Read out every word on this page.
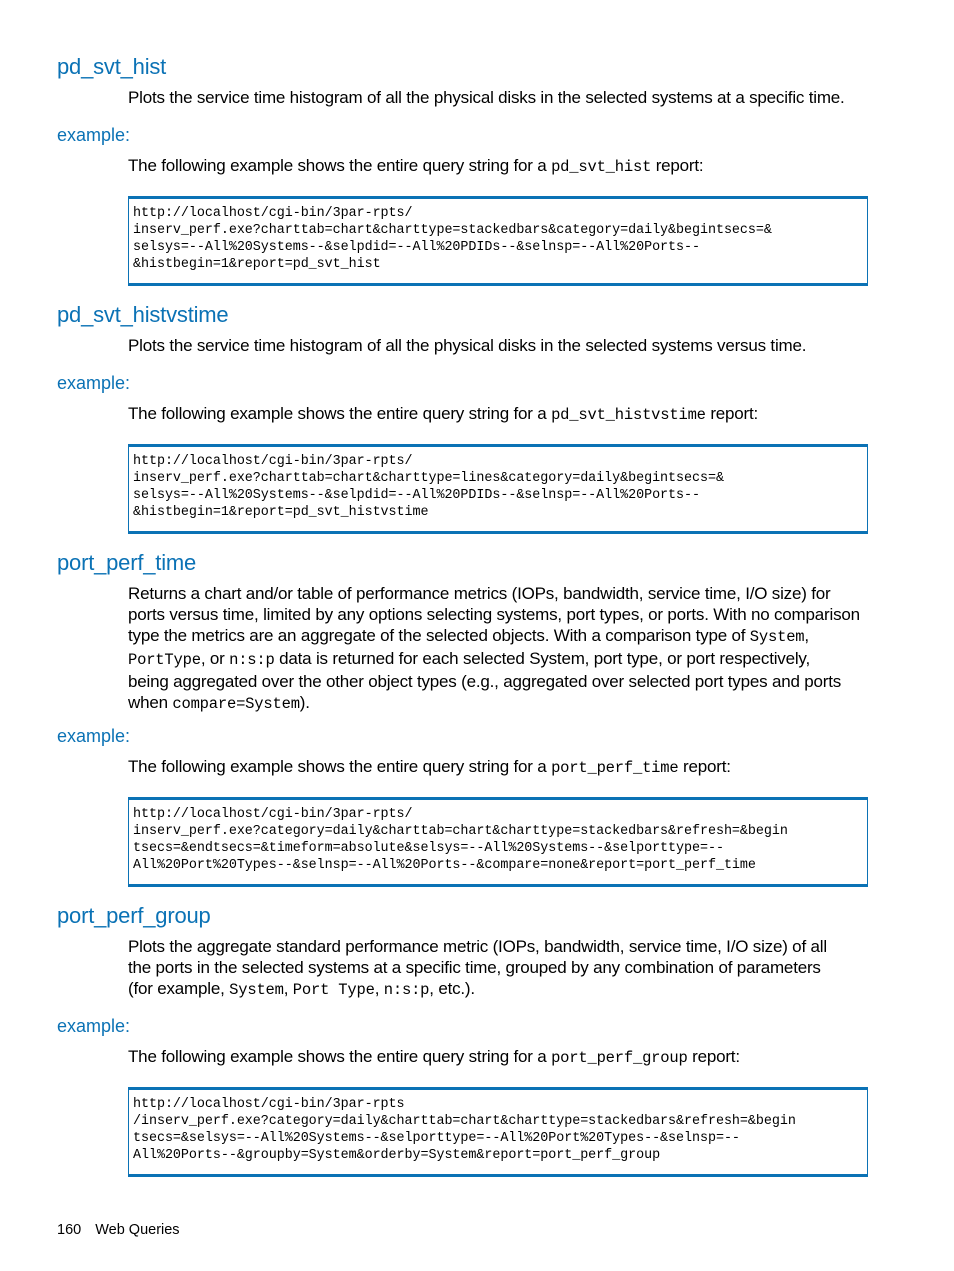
pd_svt_hist

Plots the service time histogram of all the physical disks in the selected systems at a specific time.

example:

The following example shows the entire query string for a pd_svt_hist report:

http://localhost/cgi-bin/3par-rpts/
inserv_perf.exe?charttab=chart&charttype=stackedbars&category=daily&begintsecs=&
selsys=--All%20Systems--&selpdid=--All%20PDIDs--&selnsp=--All%20Ports--
&histbegin=1&report=pd_svt_hist
pd_svt_histvstime

Plots the service time histogram of all the physical disks in the selected systems versus time.

example:

The following example shows the entire query string for a pd_svt_histvstime report:

http://localhost/cgi-bin/3par-rpts/
inserv_perf.exe?charttab=chart&charttype=lines&category=daily&begintsecs=&
selsys=--All%20Systems--&selpdid=--All%20PDIDs--&selnsp=--All%20Ports--
&histbegin=1&report=pd_svt_histvstime
port_perf_time
Returns a chart and/or table of performance metrics (IOPs, bandwidth, service time, I/O size) for
ports versus time, limited by any options selecting systems, port types, or ports. With no comparison
type the metrics are an aggregate of the selected objects. With a comparison type of System,
PortType, or n:s:p data is returned for each selected System, port type, or port respectively,
being aggregated over the other object types (e.g., aggregated over selected port types and ports
when compare=System).
example:

The following example shows the entire query string for a port_perf_time report:

http://localhost/cgi-bin/3par-rpts/
inserv_perf.exe?category=daily&charttab=chart&charttype=stackedbars&refresh=&begin
tsecs=&endtsecs=&timeform=absolute&selsys=--All%20Systems--&selporttype=--
All%20Port%20Types--&selnsp=--All%20Ports--&compare=none&report=port_perf_time
port_perf_group
Plots the aggregate standard performance metric (IOPs, bandwidth, service time, I/O size) of all
the ports in the selected systems at a specific time, grouped by any combination of parameters
(for example, System, Port Type, n:s:p, etc.).
example:

The following example shows the entire query string for a port_perf_group report:

http://localhost/cgi-bin/3par-rpts
/inserv_perf.exe?category=daily&charttab=chart&charttype=stackedbars&refresh=&begin
tsecs=&selsys=--All%20Systems--&selporttype=--All%20Port%20Types--&selnsp=--
All%20Ports--&groupby=System&orderby=System&report=port_perf_group
160 Web Queries
